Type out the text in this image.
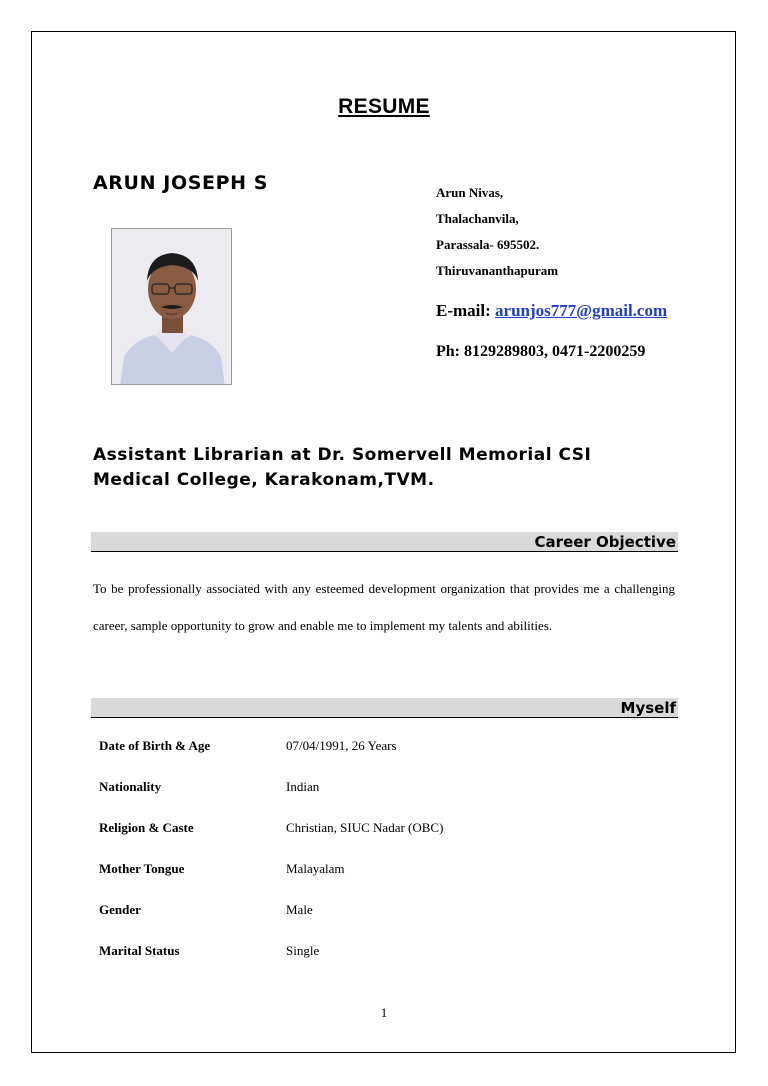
RESUME
ARUN JOSEPH S	Arun Nivas,
Thalachanvila,
Parassala- 695502.
Thiruvananthapuram
E-mail: arunjos777@gmail.com
Ph: 8129289803, 0471-2200259
Assistant Librarian at Dr. Somervell Memorial CSI Medical College, Karakonam,TVM.
Career Objective
To be professionally associated with any esteemed development organization that provides me a challenging career, sample opportunity to grow and enable me to implement my talents and abilities.
Myself
Date of Birth & Age	07/04/1991, 26 Years
Nationality	Indian
Religion & Caste	Christian, SIUC Nadar (OBC)
Mother Tongue	Malayalam
Gender	Male
Marital Status	Single
1
